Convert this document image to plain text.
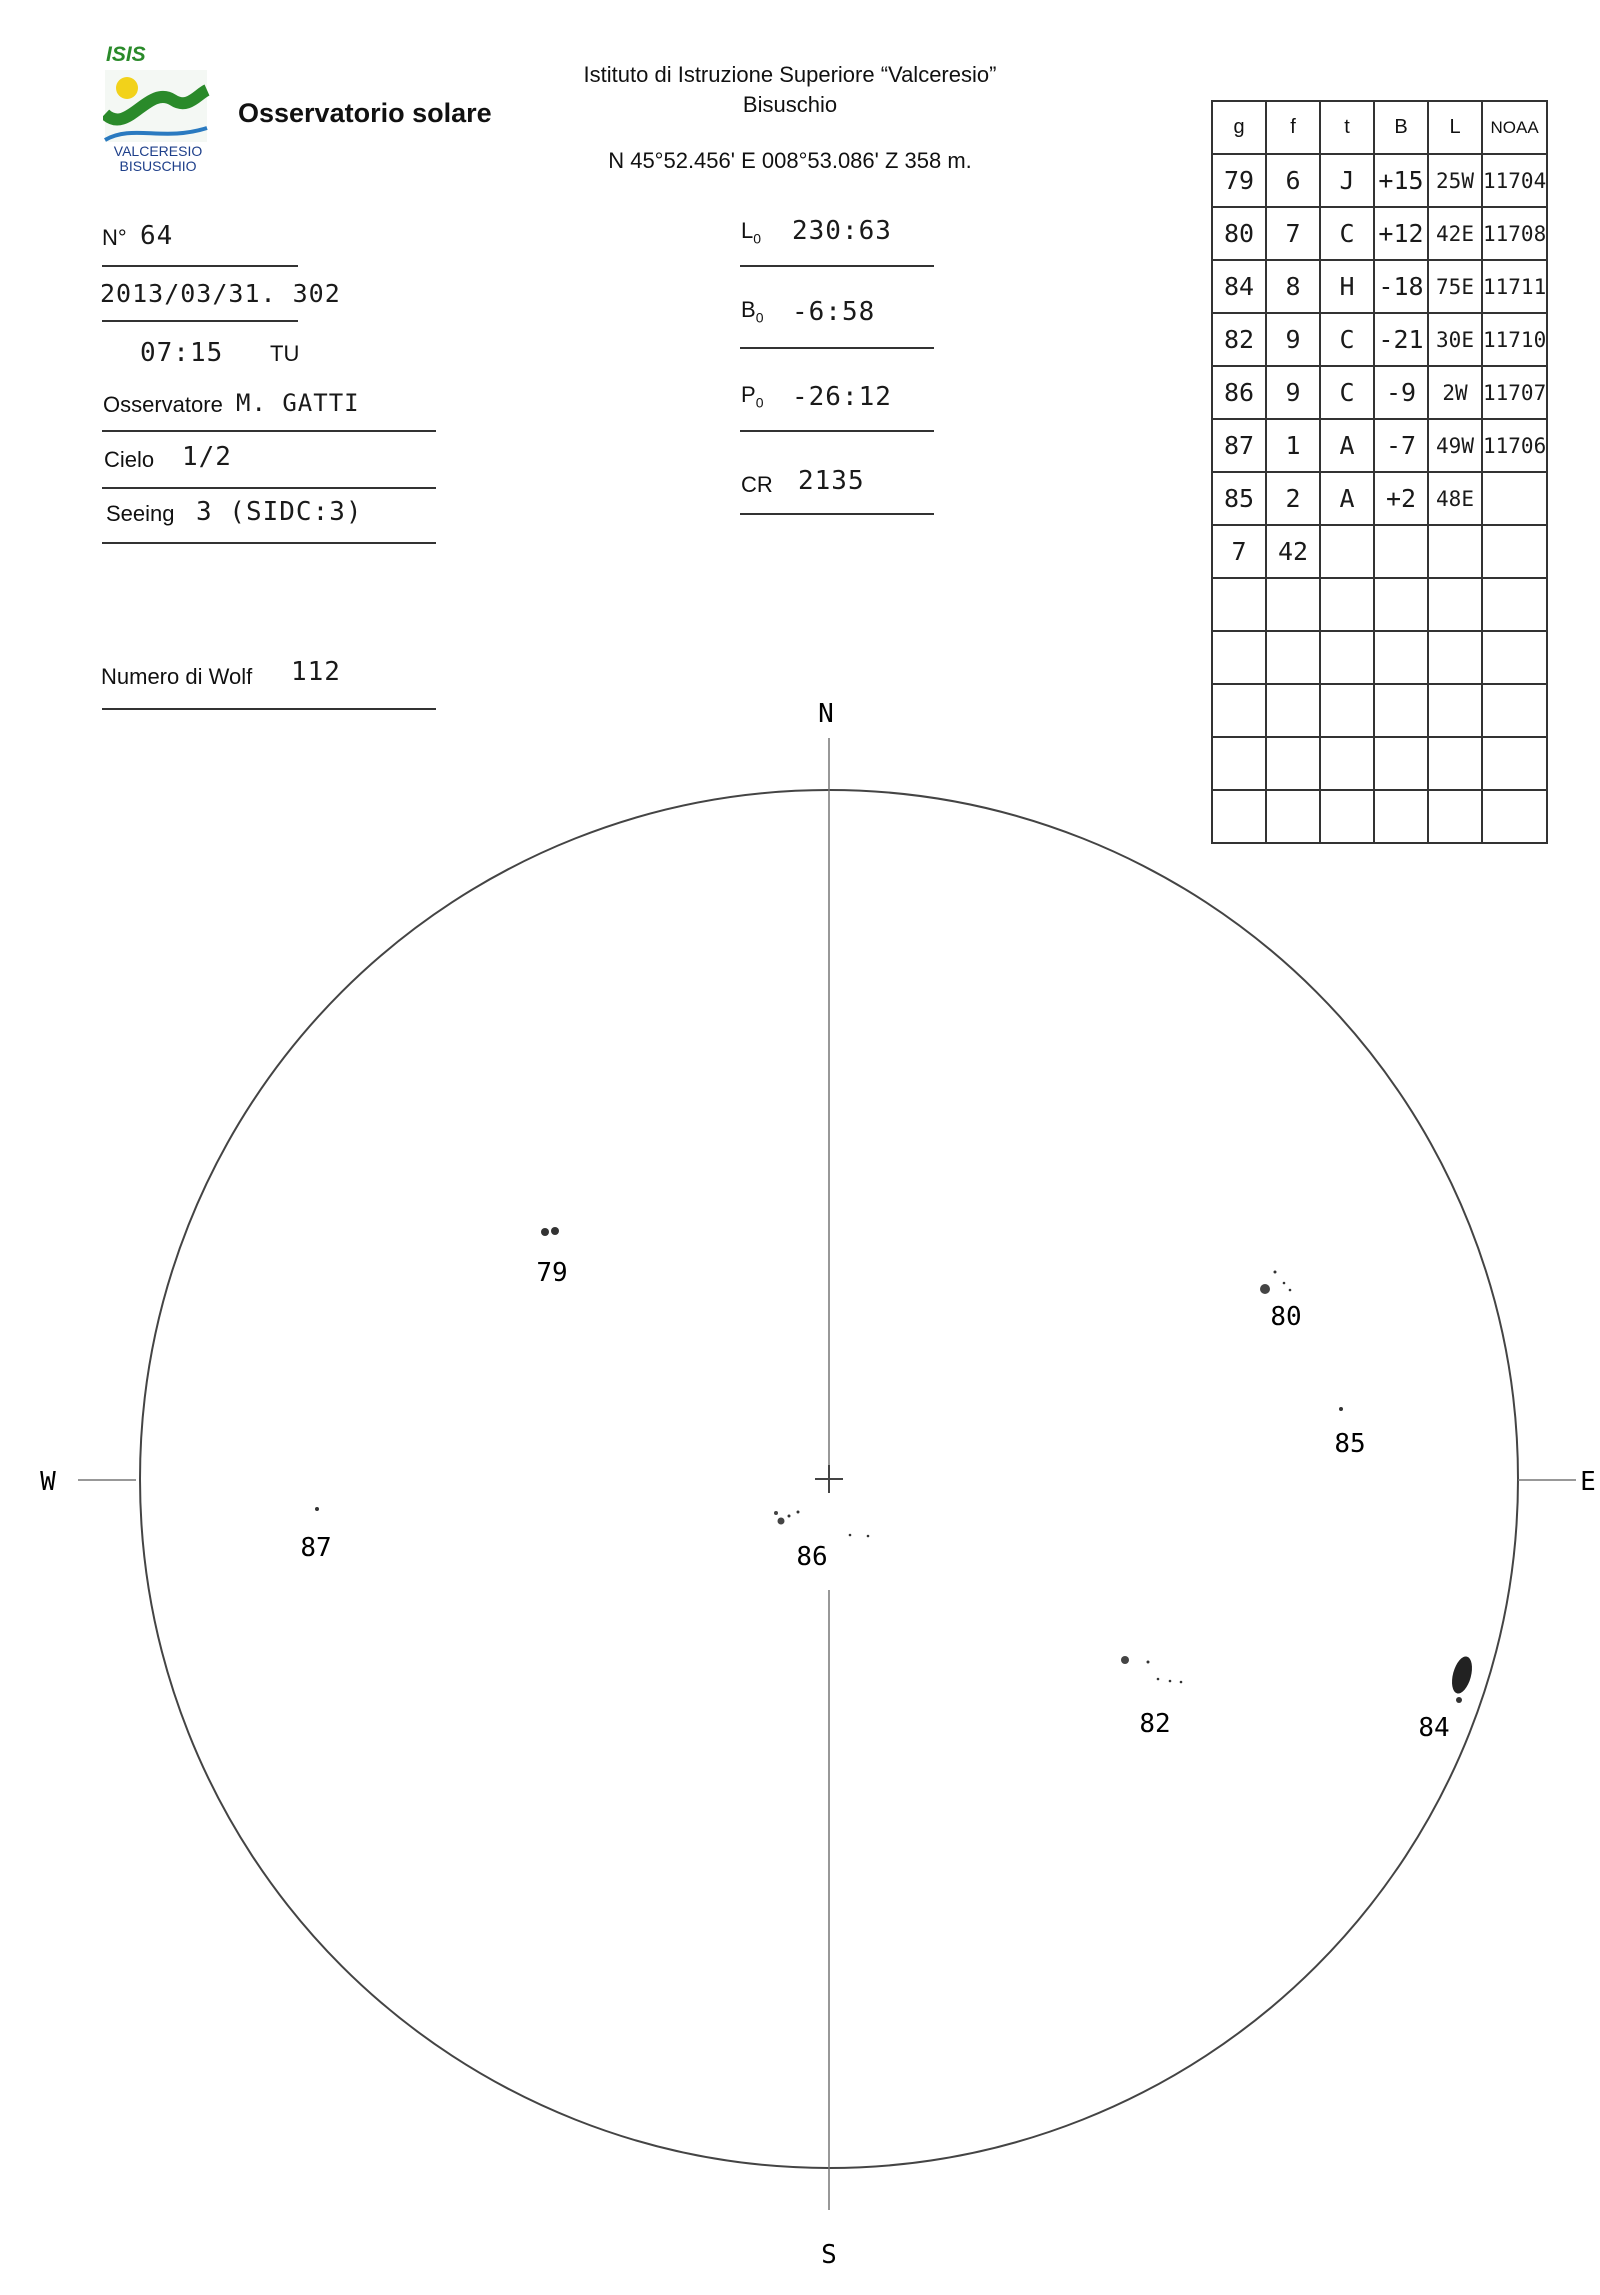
ISIS
VALCERESIO
BISUSCHIO
Osservatorio solare
Istituto di Istruzione Superiore “Valceresio”
Bisuschio
N 45°52.456' E 008°53.086' Z 358 m.
N° 64
2013/03/31. 302
07:15 TU
Osservatore M. GATTI
Cielo 1/2
Seeing 3 (SIDC:3)
Numero di Wolf 112
$L_0$ 230:63
$B_0$ -6:58
$P_0$ -26:12
CR 2135
g	f	t	B	L	NOAA
79	6	J	+15	25W	11704
80	7	C	+12	42E	11708
84	8	H	-18	75E	11711
82	9	C	-21	30E	11710
86	9	C	-9	2W	11707
87	1	A	-7	49W	11706
85	2	A	+2	48E	
7	42				

N
S
W	E
79
80
85
87	86
82	84
